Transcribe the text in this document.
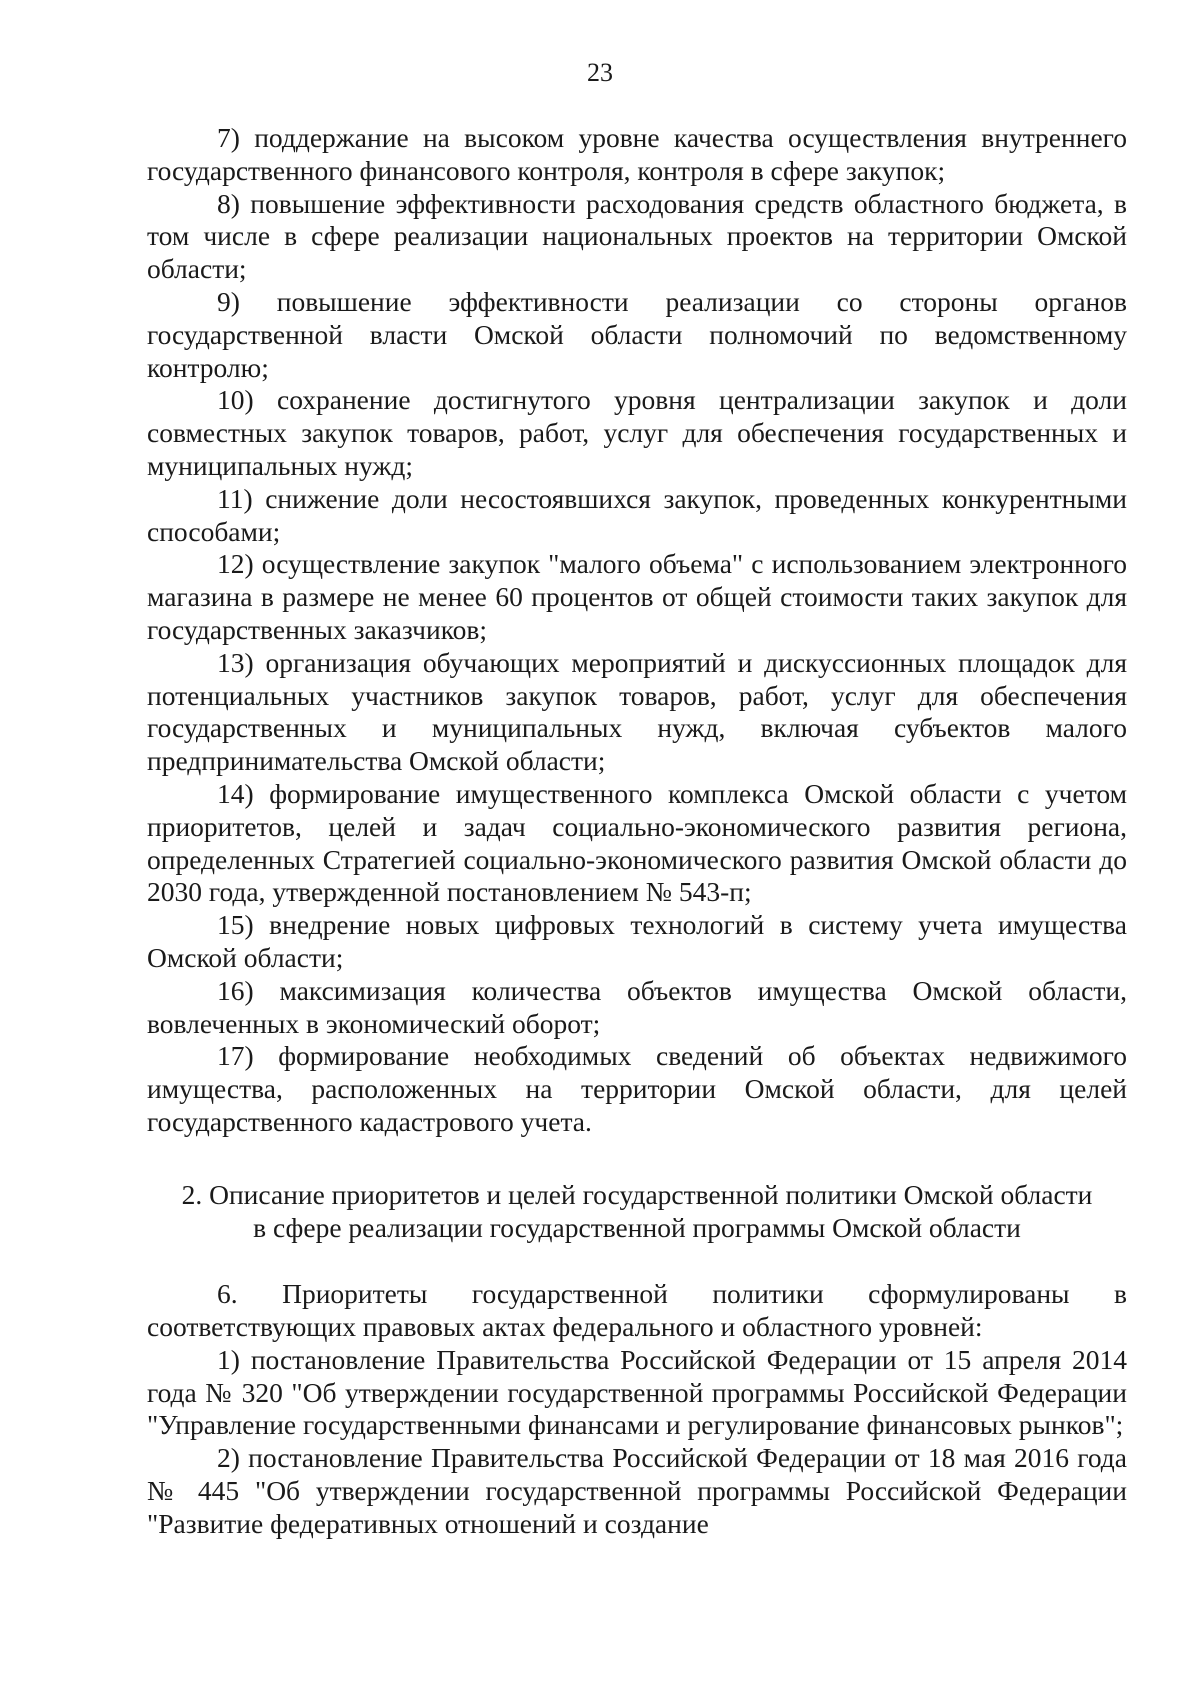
23

7) поддержание на высоком уровне качества осуществления внутреннего государственного финансового контроля, контроля в сфере закупок;

8) повышение эффективности расходования средств областного бюджета, в том числе в сфере реализации национальных проектов на территории Омской области;

9) повышение эффективности реализации со стороны органов государственной власти Омской области полномочий по ведомственному контролю;

10) сохранение достигнутого уровня централизации закупок и доли совместных закупок товаров, работ, услуг для обеспечения государственных и муниципальных нужд;

11) снижение доли несостоявшихся закупок, проведенных конкурентными способами;

12) осуществление закупок "малого объема" с использованием электронного магазина в размере не менее 60 процентов от общей стоимости таких закупок для государственных заказчиков;

13) организация обучающих мероприятий и дискуссионных площадок для потенциальных участников закупок товаров, работ, услуг для обеспечения государственных и муниципальных нужд, включая субъектов малого предпринимательства Омской области;

14) формирование имущественного комплекса Омской области с учетом приоритетов, целей и задач социально-экономического развития региона, определенных Стратегией социально-экономического развития Омской области до 2030 года, утвержденной постановлением № 543-п;

15) внедрение новых цифровых технологий в систему учета имущества Омской области;

16) максимизация количества объектов имущества Омской области, вовлеченных в экономический оборот;

17) формирование необходимых сведений об объектах недвижимого имущества, расположенных на территории Омской области, для целей государственного кадастрового учета.

2. Описание приоритетов и целей государственной политики Омской области
в сфере реализации государственной программы Омской области

6. Приоритеты государственной политики сформулированы в соответствующих правовых актах федерального и областного уровней:

1) постановление Правительства Российской Федерации от 15 апреля 2014 года № 320 "Об утверждении государственной программы Российской Федерации "Управление государственными финансами и регулирование финансовых рынков";

2) постановление Правительства Российской Федерации от 18 мая 2016 года № 445 "Об утверждении государственной программы Российской Федерации "Развитие федеративных отношений и создание
